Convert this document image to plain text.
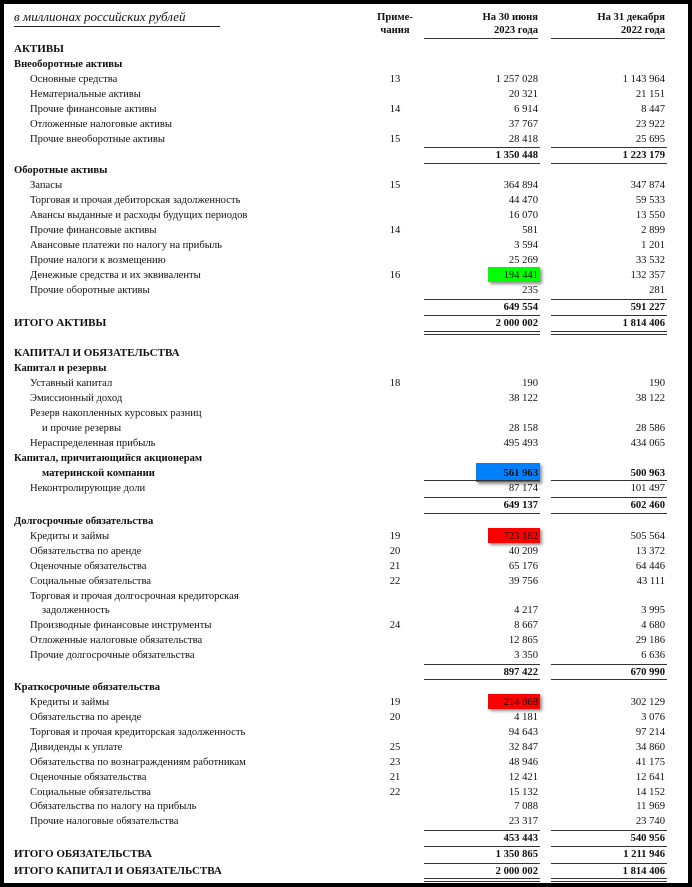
в миллионах российских рублей	Приме-
чания
На 30 июня
2023 года
На 31 декабря
2022 года
АКТИВЫ
Внеоборотные активы
Основные средства	13	1 257 028	1 143 964
Нематериальные активы	20 321	21 151
Прочие финансовые активы	14	6 914	8 447
Отложенные налоговые активы	37 767	23 922
Прочие внеоборотные активы	15	28 418	25 695
1 350 448	1 223 179
Оборотные активы
Запасы	15	364 894	347 874
Торговая и прочая дебиторская задолженность	44 470	59 533
Авансы выданные и расходы будущих периодов	16 070	13 550
Прочие финансовые активы	14	581	2 899
Авансовые платежи по налогу на прибыль	3 594	1 201
Прочие налоги к возмещению	25 269	33 532
Денежные средства и их эквиваленты	16	194 441	132 357
Прочие оборотные активы	235	281
649 554	591 227
ИТОГО АКТИВЫ	2 000 002	1 814 406
КАПИТАЛ И ОБЯЗАТЕЛЬСТВА
Капитал и резервы
Уставный капитал	18	190	190
Эмиссионный доход	38 122	38 122
Резерв накопленных курсовых разниц
и прочие резервы	28 158	28 586
Нераспределенная прибыль	495 493	434 065
Капитал, причитающийся акционерам
материнской компании	561 963	500 963
Неконтролирующие доли	87 174	101 497
649 137	602 460
Долгосрочные обязательства
Кредиты и займы	19	723 182	505 564
Обязательства по аренде	20	40 209	13 372
Оценочные обязательства	21	65 176	64 446
Социальные обязательства	22	39 756	43 111
Торговая и прочая долгосрочная кредиторская
задолженность	4 217	3 995
Производные финансовые инструменты	24	8 667	4 680
Отложенные налоговые обязательства	12 865	29 186
Прочие долгосрочные обязательства	3 350	6 636
897 422	670 990
Краткосрочные обязательства
Кредиты и займы	19	214 868	302 129
Обязательства по аренде	20	4 181	3 076
Торговая и прочая кредиторская задолженность	94 643	97 214
Дивиденды к уплате	25	32 847	34 860
Обязательства по вознаграждениям работникам	23	48 946	41 175
Оценочные обязательства	21	12 421	12 641
Социальные обязательства	22	15 132	14 152
Обязательства по налогу на прибыль	7 088	11 969
Прочие налоговые обязательства	23 317	23 740
453 443	540 956
ИТОГО ОБЯЗАТЕЛЬСТВА	1 350 865	1 211 946
ИТОГО КАПИТАЛ И ОБЯЗАТЕЛЬСТВА	2 000 002	1 814 406
